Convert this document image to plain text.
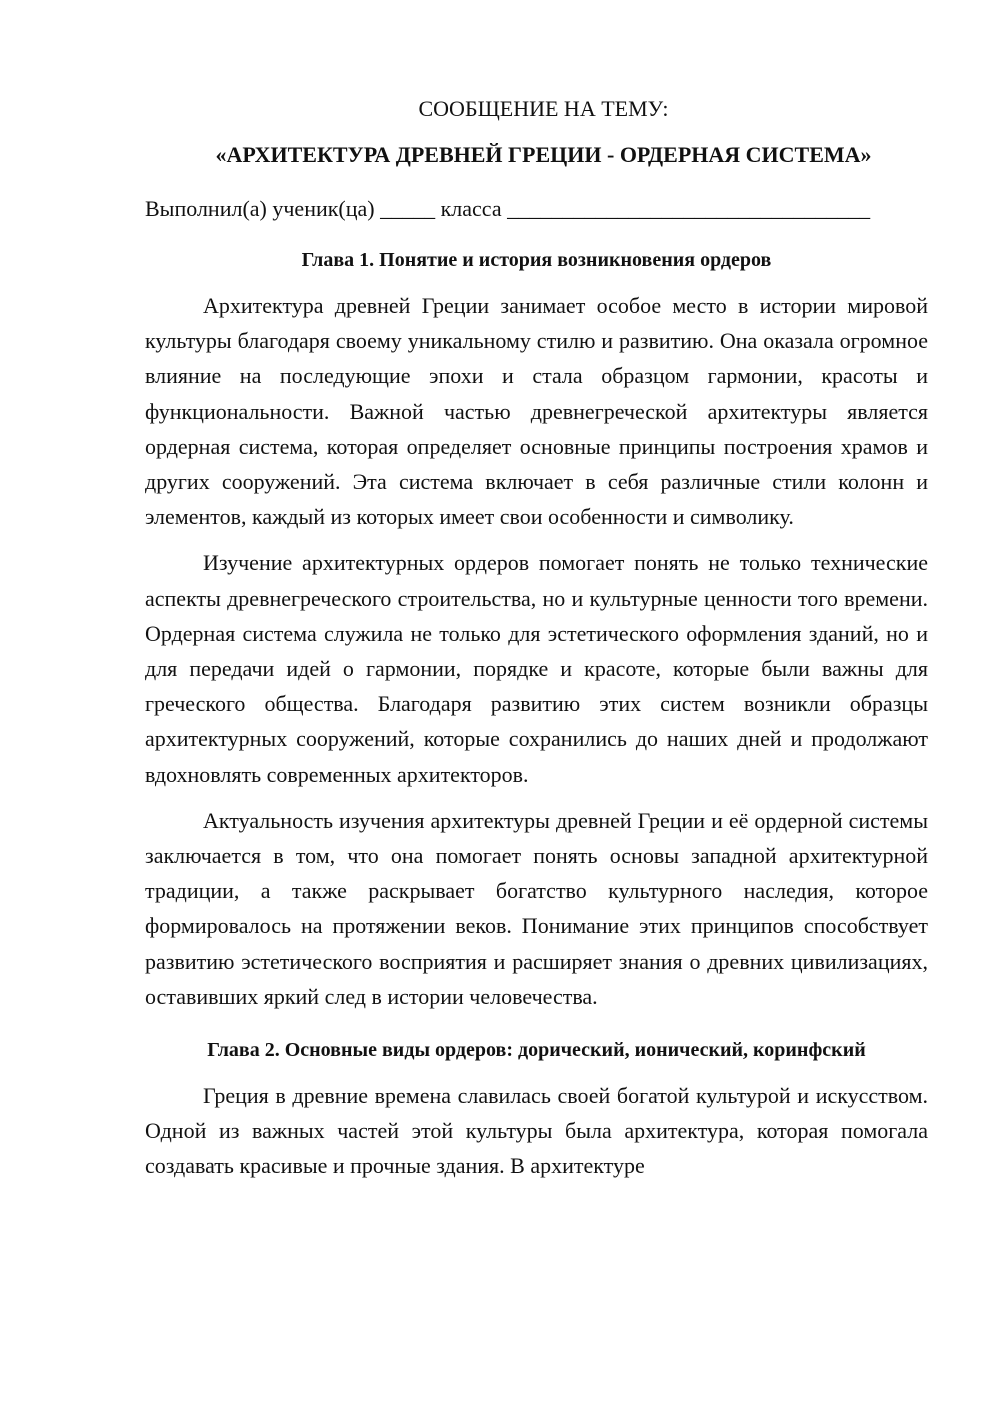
СООБЩЕНИЕ НА ТЕМУ:

«АРХИТЕКТУРА ДРЕВНЕЙ ГРЕЦИИ - ОРДЕРНАЯ СИСТЕМА»

Выполнил(а) ученик(ца) _____ класса _________________________________

Глава 1. Понятие и история возникновения ордеров

Архитектура древней Греции занимает особое место в истории мировой культуры благодаря своему уникальному стилю и развитию. Она оказала огромное влияние на последующие эпохи и стала образцом гармонии, красоты и функциональности. Важной частью древнегреческой архитектуры является ордерная система, которая определяет основные принципы построения храмов и других сооружений. Эта система включает в себя различные стили колонн и элементов, каждый из которых имеет свои особенности и символику.

Изучение архитектурных ордеров помогает понять не только технические аспекты древнегреческого строительства, но и культурные ценности того времени. Ордерная система служила не только для эстетического оформления зданий, но и для передачи идей о гармонии, порядке и красоте, которые были важны для греческого общества. Благодаря развитию этих систем возникли образцы архитектурных сооружений, которые сохранились до наших дней и продолжают вдохновлять современных архитекторов.

Актуальность изучения архитектуры древней Греции и её ордерной системы заключается в том, что она помогает понять основы западной архитектурной традиции, а также раскрывает богатство культурного наследия, которое формировалось на протяжении веков. Понимание этих принципов способствует развитию эстетического восприятия и расширяет знания о древних цивилизациях, оставивших яркий след в истории человечества.

Глава 2. Основные виды ордеров: дорический, ионический, коринфский

Греция в древние времена славилась своей богатой культурой и искусством. Одной из важных частей этой культуры была архитектура, которая помогала создавать красивые и прочные здания. В архитектуре
